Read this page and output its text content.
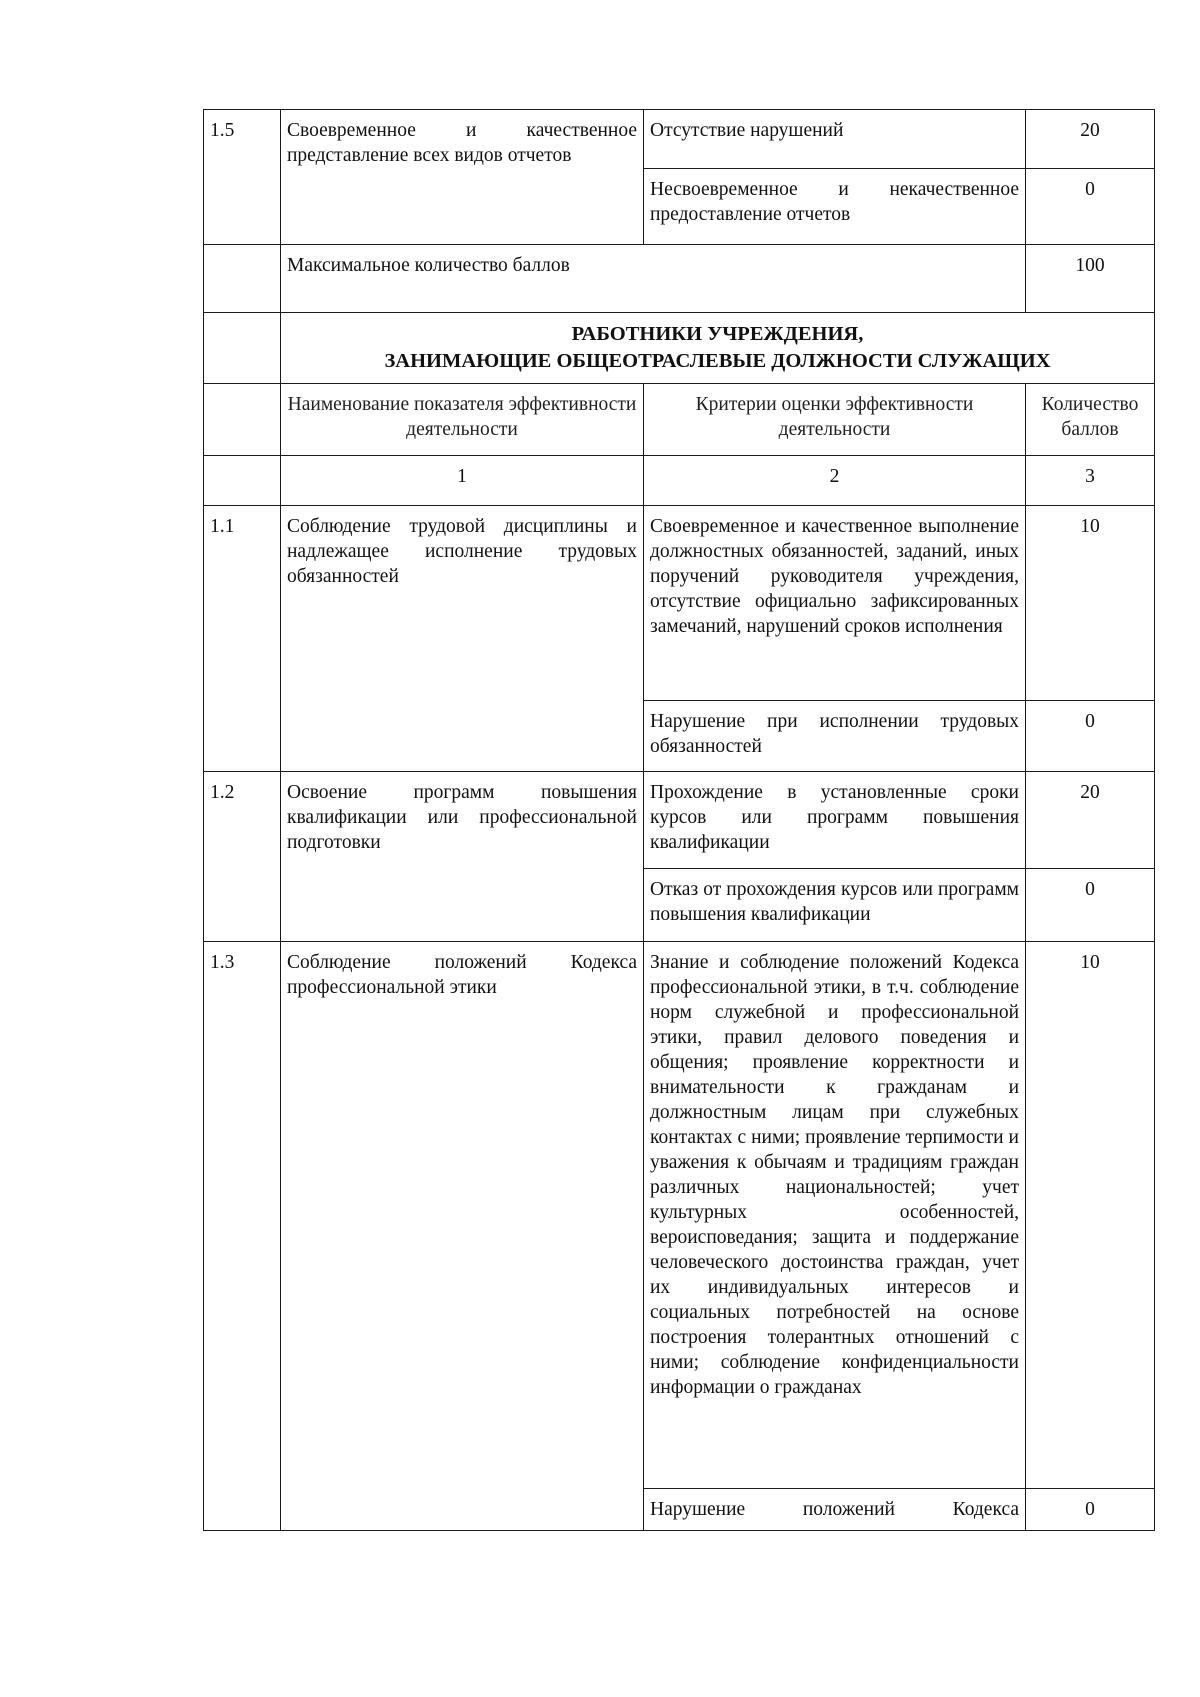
1.5	Своевременное и качественное представление всех видов отчетов	Отсутствие нарушений	20
		Несвоевременное и некачественное предоставление отчетов	0
	Максимальное количество баллов		100

	РАБОТНИКИ УЧРЕЖДЕНИЯ,
ЗАНИМАЮЩИЕ ОБЩЕОТРАСЛЕВЫЕ ДОЛЖНОСТИ СЛУЖАЩИХ		

	Наименование показателя эффективности деятельности	Критерии оценки эффективности деятельности	Количество баллов
	1	2	3
1.1	Соблюдение трудовой дисциплины и надлежащее исполнение трудовых обязанностей	Своевременное и качественное выполнение должностных обязанностей, заданий, иных поручений руководителя учреждения, отсутствие официально зафиксированных замечаний, нарушений сроков исполнения	10
		Нарушение при исполнении трудовых обязанностей	0
1.2	Освоение программ повышения квалификации или профессиональной подготовки	Прохождение в установленные сроки курсов или программ повышения квалификации	20
		Отказ от прохождения курсов или программ повышения квалификации	0
1.3	Соблюдение положений Кодекса профессиональной этики	Знание и соблюдение положений Кодекса профессиональной этики, в т.ч. соблюдение норм служебной и профессиональной этики, правил делового поведения и общения; проявление корректности и внимательности к гражданам и должностным лицам при служебных контактах с ними; проявление терпимости и уважения к обычаям и традициям граждан различных национальностей; учет культурных особенностей, вероисповедания; защита и поддержание человеческого достоинства граждан, учет их индивидуальных интересов и социальных потребностей на основе построения толерантных отношений с ними; соблюдение конфиденциальности информации о гражданах	10
		Нарушение положений Кодекса	0
